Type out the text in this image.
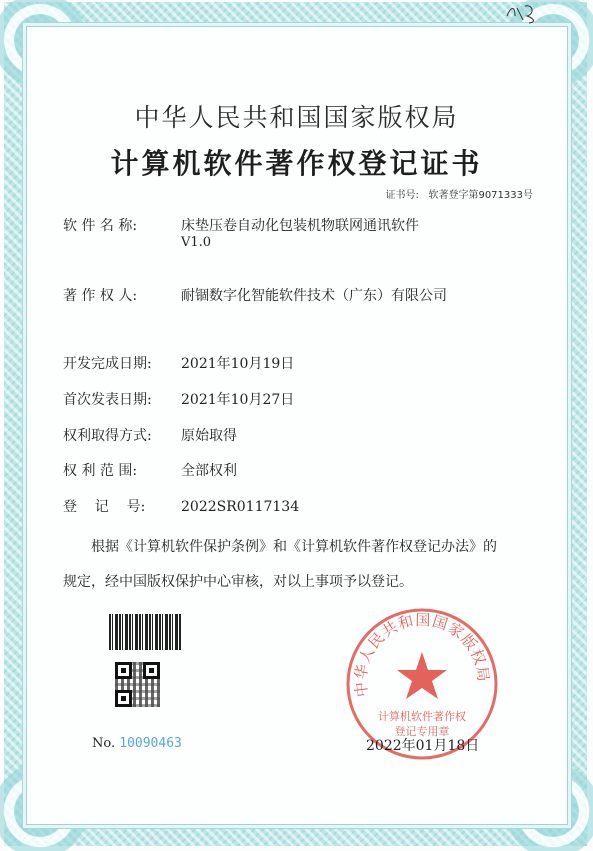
中华人民共和国国家版权局
计算机软件著作权登记证书
证书号: 软著登字第9071333号
软 件 名 称:	床垫压卷自动化包装机物联网通讯软件
V1.0
著 作 权 人:	耐锢数字化智能软件技术（广东）有限公司
开发完成日期: 2021年10月19日
首次发表日期: 2021年10月27日
权利取得方式: 原始取得
权 利 范 围:	全部权利
登    记    号:	2022SR0117134
根据《计算机软件保护条例》和《计算机软件著作权登记办法》的
规定，经中国版权保护中心审核，对以上事项予以登记。
No. 10090463
中华人民共和国国家版权局
计算机软件著作权
登记专用章
2022年01月18日
